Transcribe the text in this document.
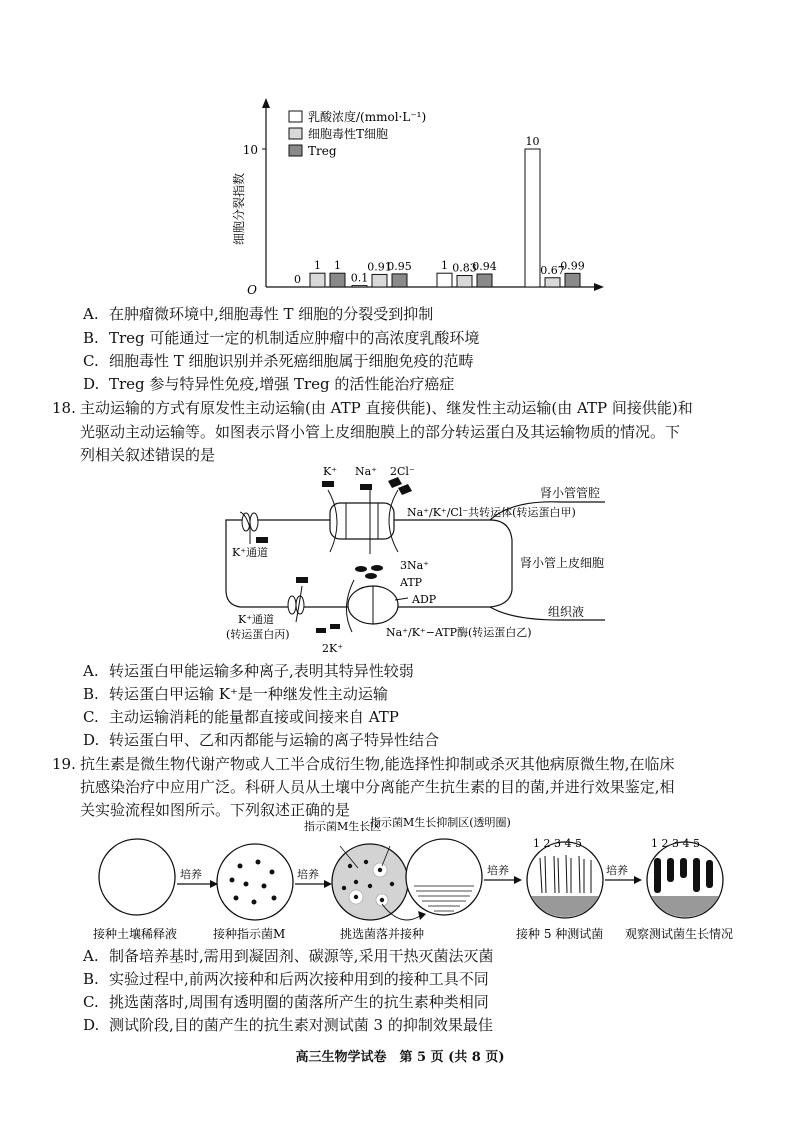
10
O
细胞分裂指数
乳酸浓度/(mmol·L⁻¹)
细胞毒性T细胞
Treg
0	0.1
1
10
1	0.91	0.83	0.67
1	0.95	0.94	0.99
A. 在肿瘤微环境中,细胞毒性 T 细胞的分裂受到抑制
B. Treg 可能通过一定的机制适应肿瘤中的高浓度乳酸环境
C. 细胞毒性 T 细胞识别并杀死癌细胞属于细胞免疫的范畴
D. Treg 参与特异性免疫,增强 Treg 的活性能治疗癌症
18. 主动运输的方式有原发性主动运输(由 ATP 直接供能)、继发性主动运输(由 ATP 间接供能)和
光驱动主动运输等。如图表示肾小管上皮细胞膜上的部分转运蛋白及其运输物质的情况。下
列相关叙述错误的是
K⁺ Na⁺ 2Cl⁻
Na⁺/K⁺/Cl⁻共转运体(转运蛋白甲)
肾小管管腔
肾小管上皮细胞
组织液
K⁺通道
3Na⁺
ATP
ADP
2K⁺
Na⁺/K⁺−ATP酶(转运蛋白乙)
K⁺通道
(转运蛋白丙)
A. 转运蛋白甲能运输多种离子,表明其特异性较弱
B. 转运蛋白甲运输 K⁺是一种继发性主动运输
C. 主动运输消耗的能量都直接或间接来自 ATP
D. 转运蛋白甲、乙和丙都能与运输的离子特异性结合
19. 抗生素是微生物代谢产物或人工半合成衍生物,能选择性抑制或杀灭其他病原微生物,在临床
抗感染治疗中应用广泛。科研人员从土壤中分离能产生抗生素的目的菌,并进行效果鉴定,相
关实验流程如图所示。下列叙述正确的是
培养	培养	培养
1 2 3 4 5
培养
1 2 3 4 5
接种土壤稀释液	接种指示菌M
指示菌M生长区
指示菌M生长抑制区(透明圈)
挑选菌落并接种	接种 5 种测试菌 观察测试菌生长情况
A. 制备培养基时,需用到凝固剂、碳源等,采用干热灭菌法灭菌
B. 实验过程中,前两次接种和后两次接种用到的接种工具不同
C. 挑选菌落时,周围有透明圈的菌落所产生的抗生素种类相同
D. 测试阶段,目的菌产生的抗生素对测试菌 3 的抑制效果最佳
高三生物学试卷　第 5 页 (共 8 页)
